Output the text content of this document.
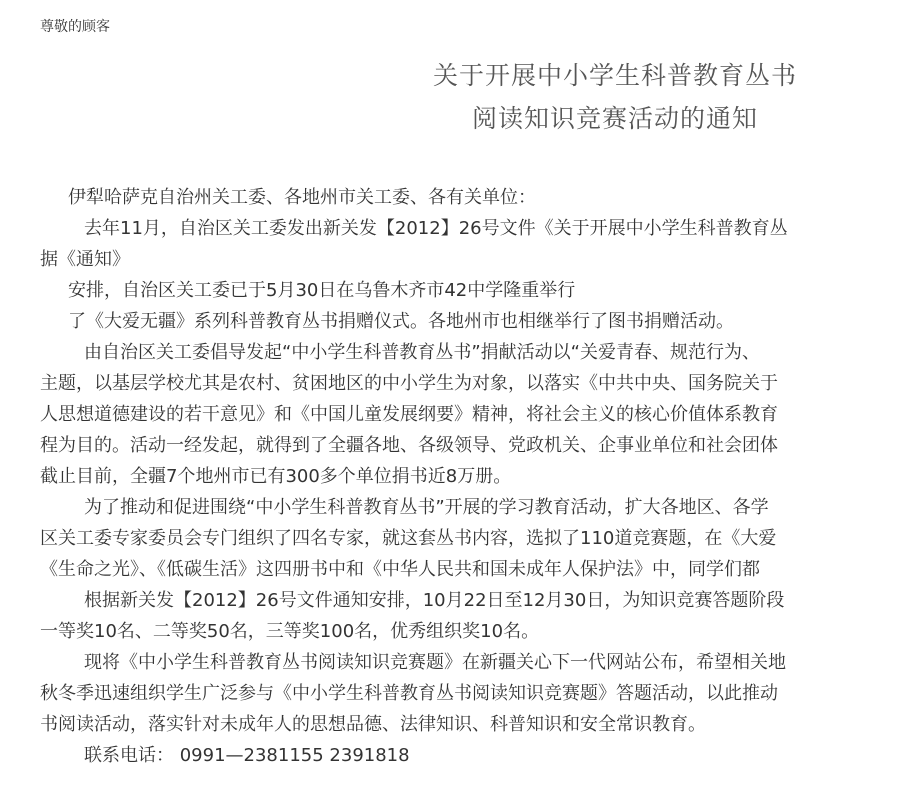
尊敬的顾客
关于开展中小学生科普教育丛书
阅读知识竞赛活动的通知

伊犁哈萨克自治州关工委、各地州市关工委、各有关单位：

去年11月，自治区关工委发出新关发【2012】26号文件《关于开展中小学生科普教育丛

据《通知》

安排，自治区关工委已于5月30日在乌鲁木齐市42中学隆重举行

了《大爱无疆》系列科普教育丛书捐赠仪式。各地州市也相继举行了图书捐赠活动。

由自治区关工委倡导发起“中小学生科普教育丛书”捐献活动以“关爱青春、规范行为、

主题，以基层学校尤其是农村、贫困地区的中小学生为对象，以落实《中共中央、国务院关于

人思想道德建设的若干意见》和《中国儿童发展纲要》精神，将社会主义的核心价值体系教育

程为目的。活动一经发起，就得到了全疆各地、各级领导、党政机关、企事业单位和社会团体

截止目前，全疆7个地州市已有300多个单位捐书近8万册。

为了推动和促进围绕“中小学生科普教育丛书”开展的学习教育活动，扩大各地区、各学

区关工委专家委员会专门组织了四名专家，就这套丛书内容，选拟了110道竞赛题，在《大爱

《生命之光》、《低碳生活》这四册书中和《中华人民共和国未成年人保护法》中，同学们都

根据新关发【2012】26号文件通知安排，10月22日至12月30日，为知识竞赛答题阶段

一等奖10名、二等奖50名，三等奖100名，优秀组织奖10名。

现将《中小学生科普教育丛书阅读知识竞赛题》在新疆关心下一代网站公布，希望相关地

秋冬季迅速组织学生广泛参与《中小学生科普教育丛书阅读知识竞赛题》答题活动，以此推动

书阅读活动，落实针对未成年人的思想品德、法律知识、科普知识和安全常识教育。

联系电话： 0991—2381155 2391818
